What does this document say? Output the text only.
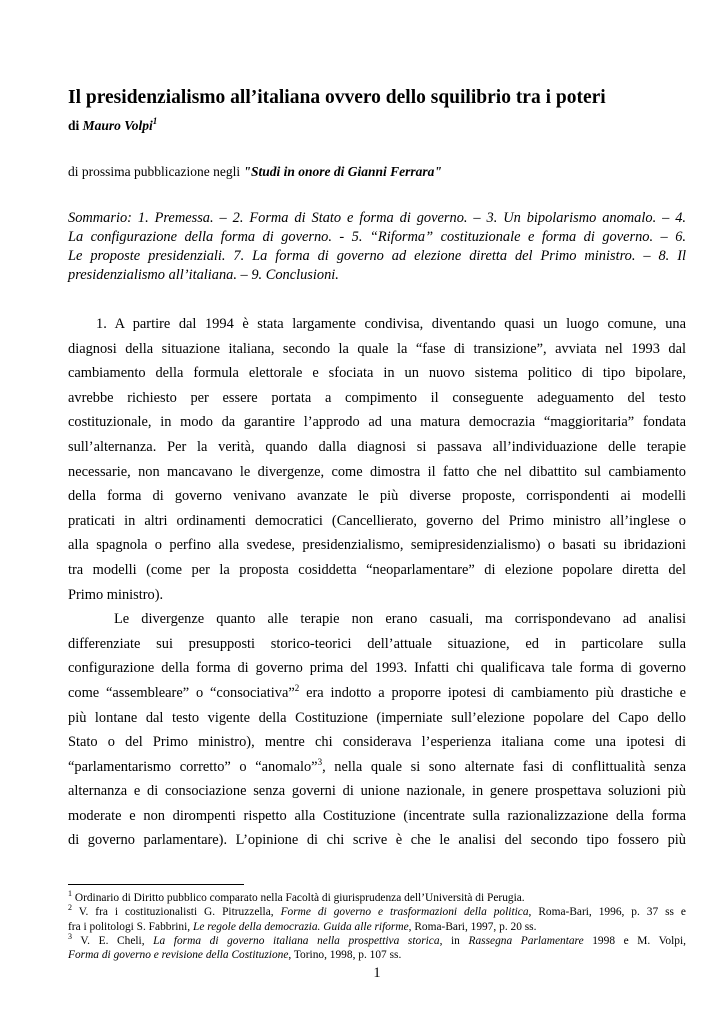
Il presidenzialismo all’italiana ovvero dello squilibrio tra i poteri
di Mauro Volpi$^1$
di prossima pubblicazione negli "Studi in onore di Gianni Ferrara"
Sommario: 1. Premessa. – 2. Forma di Stato e forma di governo. – 3. Un bipolarismo anomalo. – 4.
La configurazione della forma di governo. - 5. “Riforma” costituzionale e forma di governo. – 6.
Le proposte presidenziali. 7. La forma di governo ad elezione diretta del Primo ministro. – 8. Il
presidenzialismo all’italiana. – 9. Conclusioni.
1. A partire dal 1994 è stata largamente condivisa, diventando quasi un luogo comune, una
diagnosi della situazione italiana, secondo la quale la “fase di transizione”, avviata nel 1993 dal
cambiamento della formula elettorale e sfociata in un nuovo sistema politico di tipo bipolare,
avrebbe richiesto per essere portata a compimento il conseguente adeguamento del testo
costituzionale, in modo da garantire l’approdo ad una matura democrazia “maggioritaria” fondata
sull’alternanza. Per la verità, quando dalla diagnosi si passava all’individuazione delle terapie
necessarie, non mancavano le divergenze, come dimostra il fatto che nel dibattito sul cambiamento
della forma di governo venivano avanzate le più diverse proposte, corrispondenti ai modelli
praticati in altri ordinamenti democratici (Cancellierato, governo del Primo ministro all’inglese o
alla spagnola o perfino alla svedese, presidenzialismo, semipresidenzialismo) o basati su ibridazioni
tra modelli (come per la proposta cosiddetta “neoparlamentare” di elezione popolare diretta del
Primo ministro).
Le divergenze quanto alle terapie non erano casuali, ma corrispondevano ad analisi
differenziate sui presupposti storico-teorici dell’attuale situazione, ed in particolare sulla
configurazione della forma di governo prima del 1993. Infatti chi qualificava tale forma di governo
come “assembleare” o “consociativa”$^2$ era indotto a proporre ipotesi di cambiamento più drastiche e
più lontane dal testo vigente della Costituzione (imperniate sull’elezione popolare del Capo dello
Stato o del Primo ministro), mentre chi considerava l’esperienza italiana come una ipotesi di
“parlamentarismo corretto” o “anomalo”$^3$, nella quale si sono alternate fasi di conflittualità senza
alternanza e di consociazione senza governi di unione nazionale, in genere prospettava soluzioni più
moderate e non dirompenti rispetto alla Costituzione (incentrate sulla razionalizzazione della forma
di governo parlamentare). L’opinione di chi scrive è che le analisi del secondo tipo fossero più
$^1$ Ordinario di Diritto pubblico comparato nella Facoltà di giurisprudenza dell’Università di Perugia.
$^2$ V. fra i costituzionalisti G. Pitruzzella, Forme di governo e trasformazioni della politica, Roma-Bari, 1996, p. 37 ss e
fra i politologi S. Fabbrini, Le regole della democrazia. Guida alle riforme, Roma-Bari, 1997, p. 20 ss.
$^3$ V. E. Cheli, La forma di governo italiana nella prospettiva storica, in Rassegna Parlamentare 1998 e M. Volpi,
Forma di governo e revisione della Costituzione, Torino, 1998, p. 107 ss.
1
